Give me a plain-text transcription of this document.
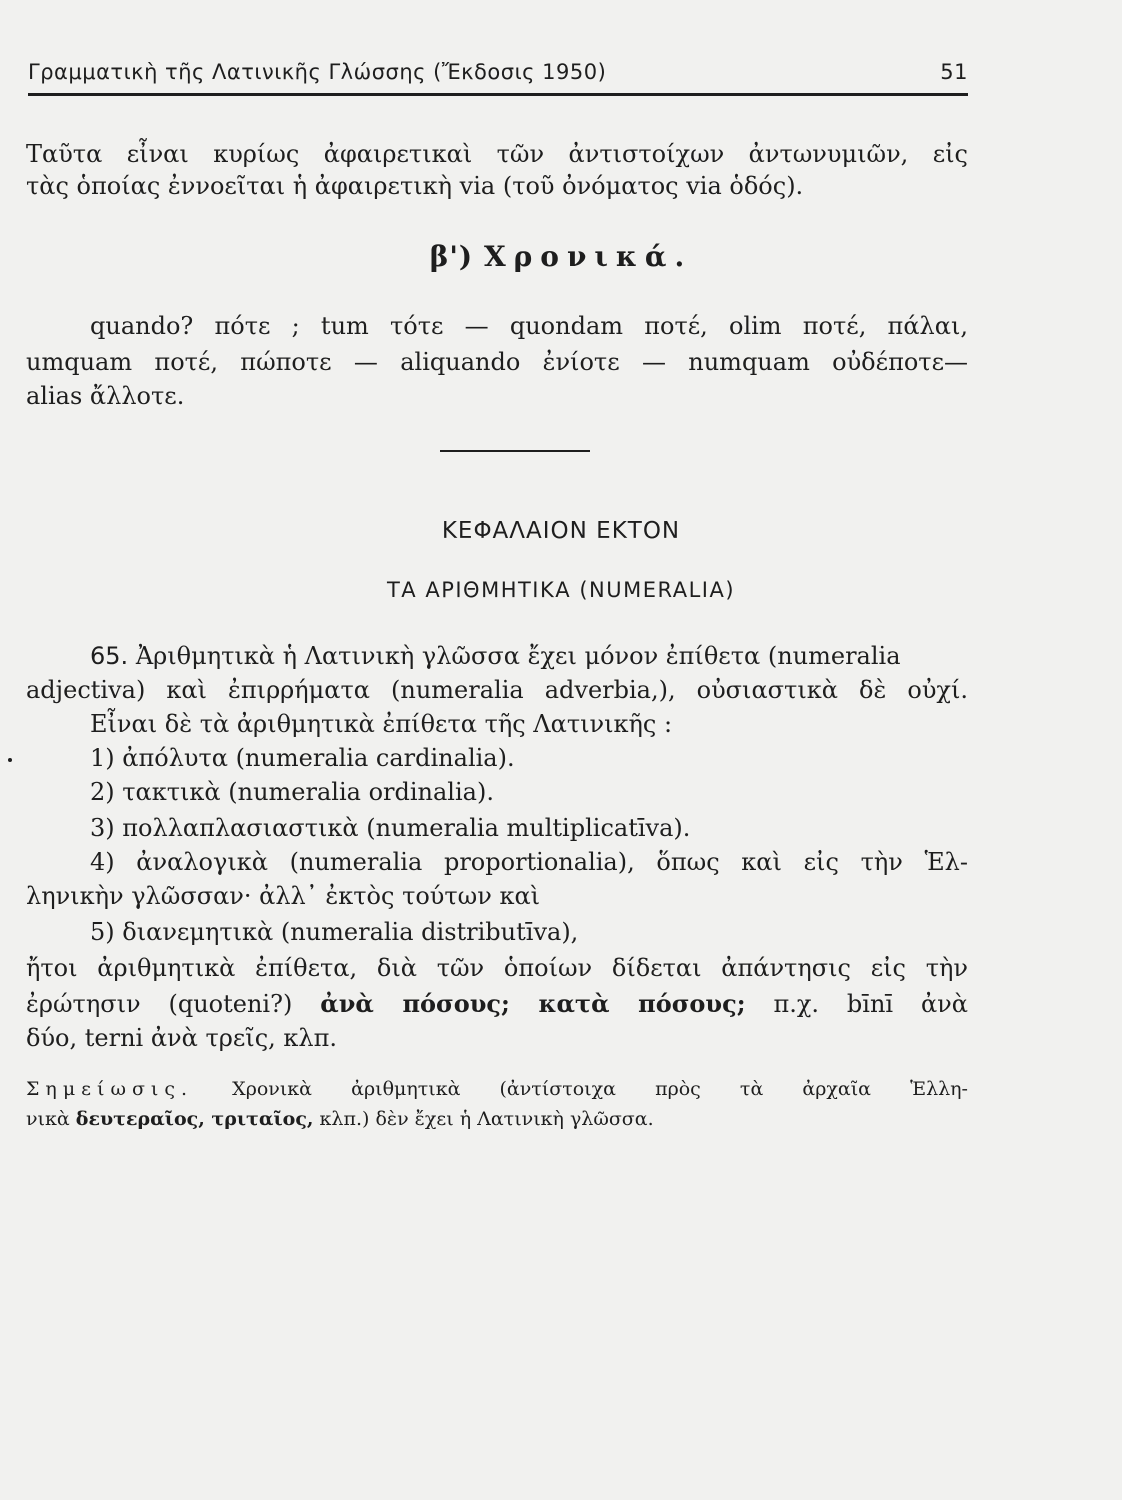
Γραμματικὴ τῆς Λατινικῆς Γλώσσης (Ἔκδοσις 1950)	51
Ταῦτα εἶναι κυρίως ἀφαιρετικαὶ τῶν ἀντιστοίχων ἀντωνυμιῶν, εἰς
τὰς ὁποίας ἐννοεῖται ἡ ἀφαιρετικὴ via (τοῦ ὀνόματος via ὁδός).
β') Χρονικά.
quando? πότε ; tum τότε — quondam ποτέ, olim ποτέ, πάλαι,
umquam ποτέ, πώποτε — aliquando ἐνίοτε — numquam οὐδέποτε—
alias ἄλλοτε.
ΚΕΦΑΛΑΙΟΝ ΕΚΤΟΝ
ΤΑ ΑΡΙΘΜΗΤΙΚΑ (NUMERALIA)
65. Ἀριθμητικὰ ἡ Λατινικὴ γλῶσσα ἔχει μόνον ἐπίθετα (numeralia
adjectiva) καὶ ἐπιρρήματα (numeralia adverbia,), οὐσιαστικὰ δὲ οὐχί.
Εἶναι δὲ τὰ ἀριθμητικὰ ἐπίθετα τῆς Λατινικῆς :
1) ἀπόλυτα (numeralia cardinalia).
2) τακτικὰ (numeralia ordinalia).
3) πολλαπλασιαστικὰ (numeralia multiplicatīva).
4) ἀναλογικὰ (numeralia proportionalia), ὅπως καὶ εἰς τὴν Ἑλ-
ληνικὴν γλῶσσαν· ἀλλ᾽ ἐκτὸς τούτων καὶ
5) διανεμητικὰ (numeralia distributīva),
ἤτοι ἀριθμητικὰ ἐπίθετα, διὰ τῶν ὁποίων δίδεται ἀπάντησις εἰς τὴν
ἐρώτησιν (quoteni?) ἀνὰ πόσους; κατὰ πόσους; π.χ. bīnī ἀνὰ
δύο, terni ἀνὰ τρεῖς, κλπ.
Σημείωσις. Χρονικὰ ἀριθμητικὰ (ἀντίστοιχα πρὸς τὰ ἀρχαῖα Ἑλλη-
νικὰ δευτεραῖος, τριταῖος, κλπ.) δὲν ἔχει ἡ Λατινικὴ γλῶσσα.
